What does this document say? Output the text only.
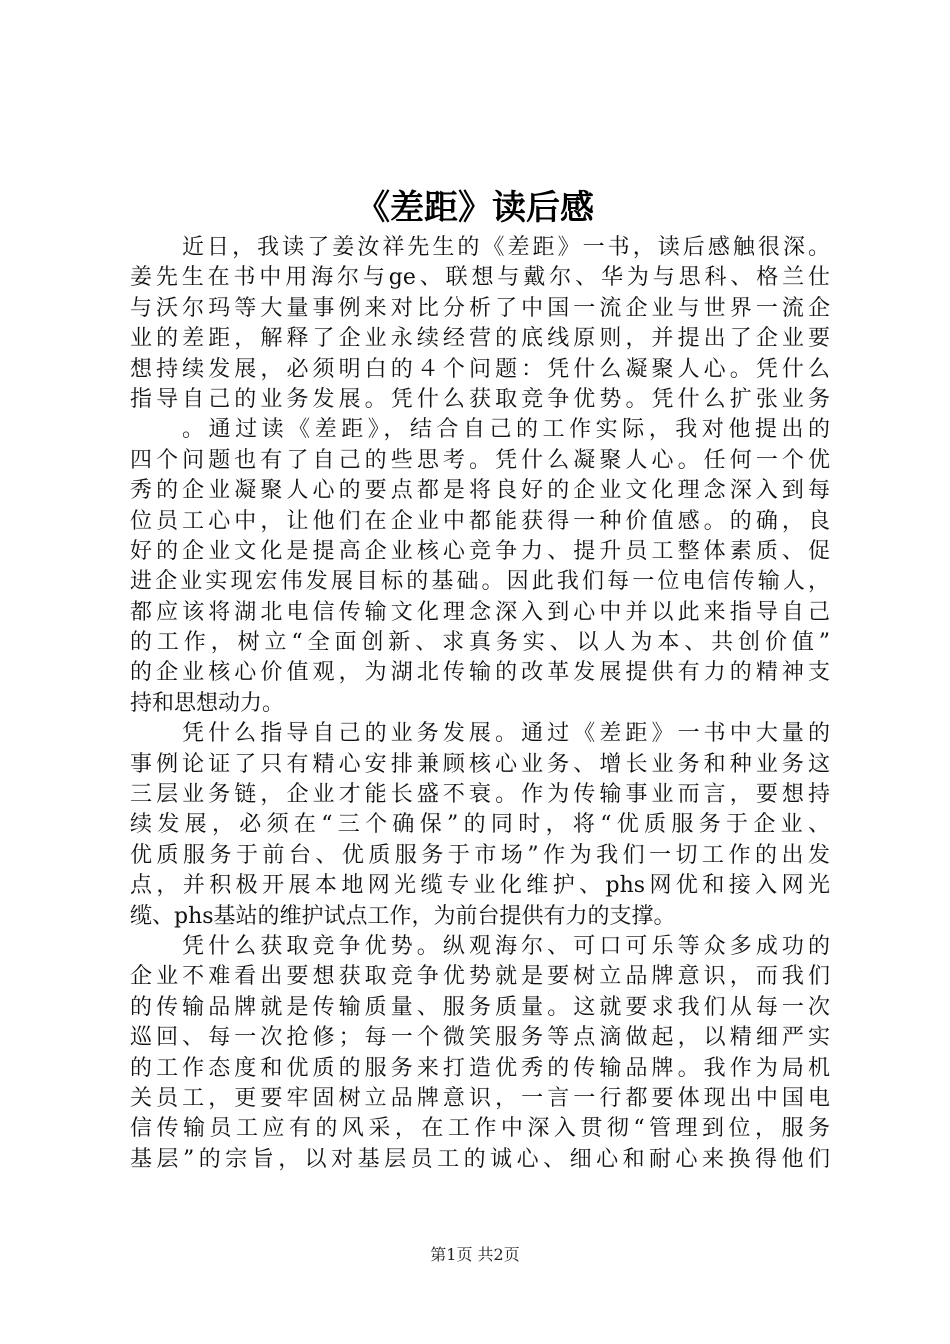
《差距》读后感
近日，我读了姜汝祥先生的《差距》一书，读后感触很深。
姜先生在书中用海尔与ge、联想与戴尔、华为与思科、格兰仕
与沃尔玛等大量事例来对比分析了中国一流企业与世界一流企
业的差距，解释了企业永续经营的底线原则，并提出了企业要
想持续发展，必须明白的４个问题：凭什么凝聚人心。凭什么
指导自己的业务发展。凭什么获取竞争优势。凭什么扩张业务
。通过读《差距》，结合自己的工作实际，我对他提出的
四个问题也有了自己的些思考。凭什么凝聚人心。任何一个优
秀的企业凝聚人心的要点都是将良好的企业文化理念深入到每
位员工心中，让他们在企业中都能获得一种价值感。的确，良
好的企业文化是提高企业核心竞争力、提升员工整体素质、促
进企业实现宏伟发展目标的基础。因此我们每一位电信传输人，
都应该将湖北电信传输文化理念深入到心中并以此来指导自己
的工作，树立“全面创新、求真务实、以人为本、共创价值”
的企业核心价值观，为湖北传输的改革发展提供有力的精神支
持和思想动力。
凭什么指导自己的业务发展。通过《差距》一书中大量的
事例论证了只有精心安排兼顾核心业务、增长业务和种业务这
三层业务链，企业才能长盛不衰。作为传输事业而言，要想持
续发展，必须在“三个确保”的同时，将“优质服务于企业、
优质服务于前台、优质服务于市场”作为我们一切工作的出发
点，并积极开展本地网光缆专业化维护、phs网优和接入网光
缆、phs基站的维护试点工作，为前台提供有力的支撑。
凭什么获取竞争优势。纵观海尔、可口可乐等众多成功的
企业不难看出要想获取竞争优势就是要树立品牌意识，而我们
的传输品牌就是传输质量、服务质量。这就要求我们从每一次
巡回、每一次抢修；每一个微笑服务等点滴做起，以精细严实
的工作态度和优质的服务来打造优秀的传输品牌。我作为局机
关员工，更要牢固树立品牌意识，一言一行都要体现出中国电
信传输员工应有的风采，在工作中深入贯彻“管理到位，服务
基层”的宗旨，以对基层员工的诚心、细心和耐心来换得他们
第1页 共2页
